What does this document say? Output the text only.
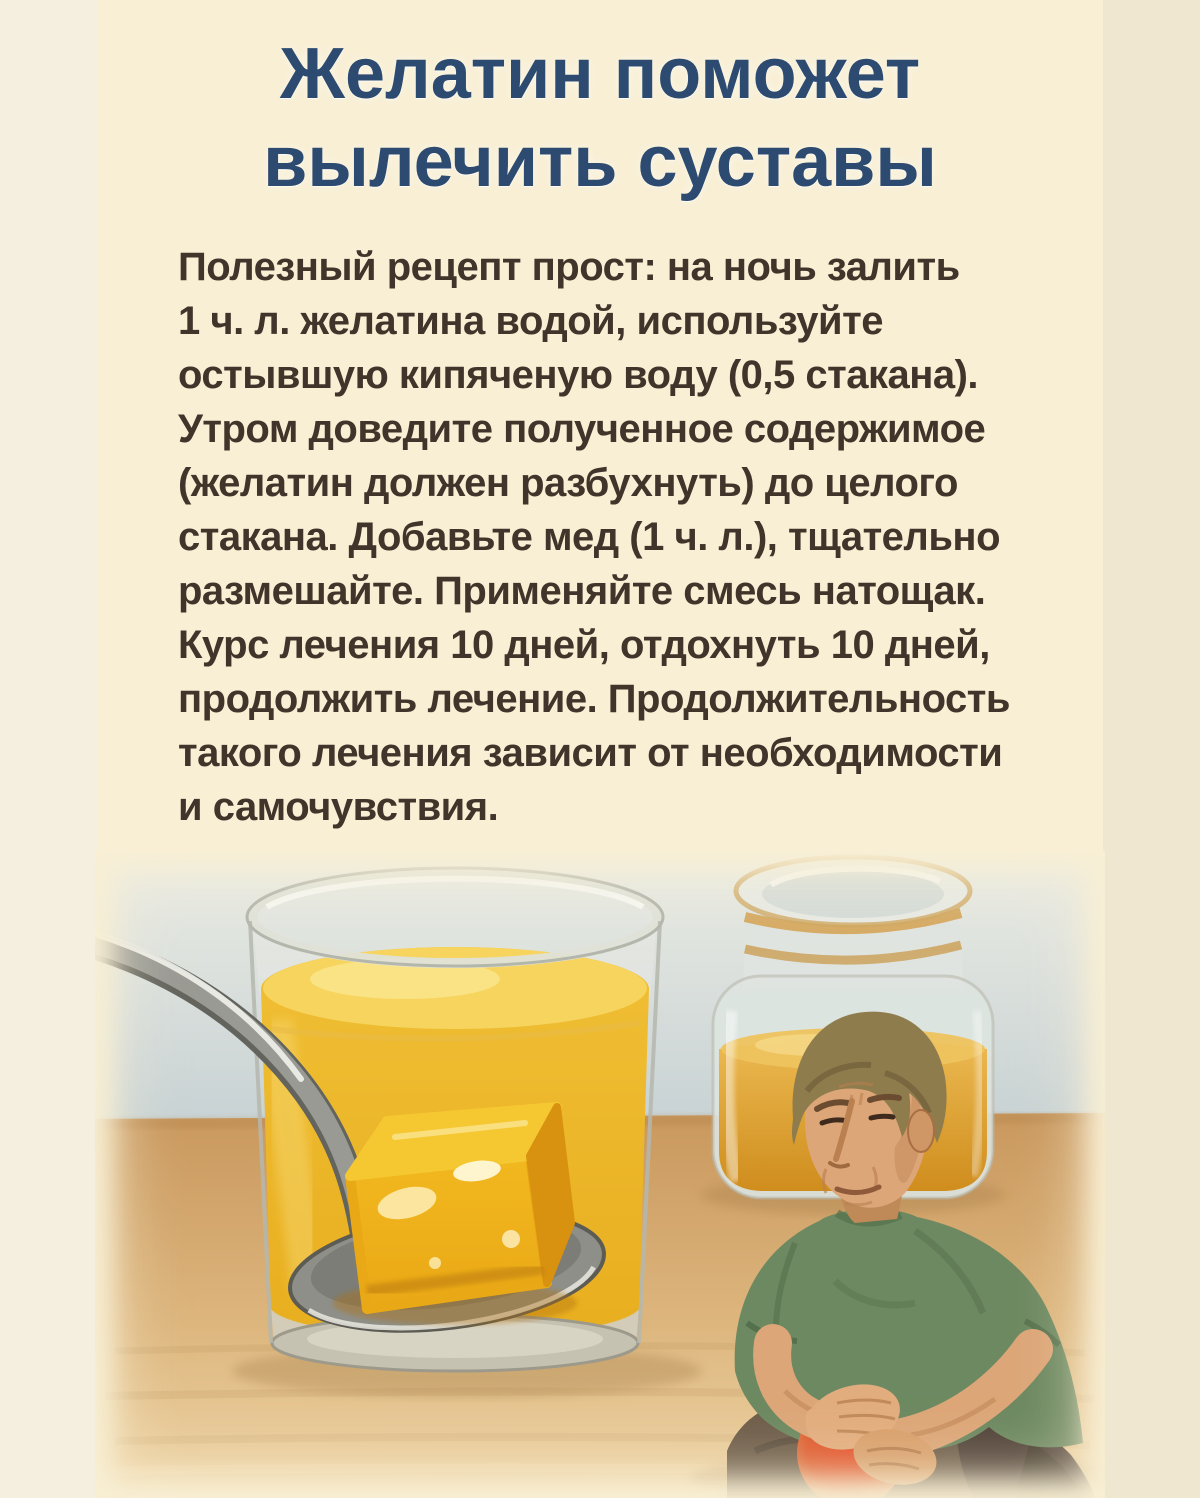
Желатин поможет
вылечить суставы
Полезный рецепт прост: на ночь залить
1 ч. л. желатина водой, используйте
остывшую кипяченую воду (0,5 стакана).
Утром доведите полученное содержимое
(желатин должен разбухнуть) до целого
стакана. Добавьте мед (1 ч. л.), тщательно
размешайте. Применяйте смесь натощак.
Курс лечения 10 дней, отдохнуть 10 дней,
продолжить лечение. Продолжительность
такого лечения зависит от необходимости
и самочувствия.
